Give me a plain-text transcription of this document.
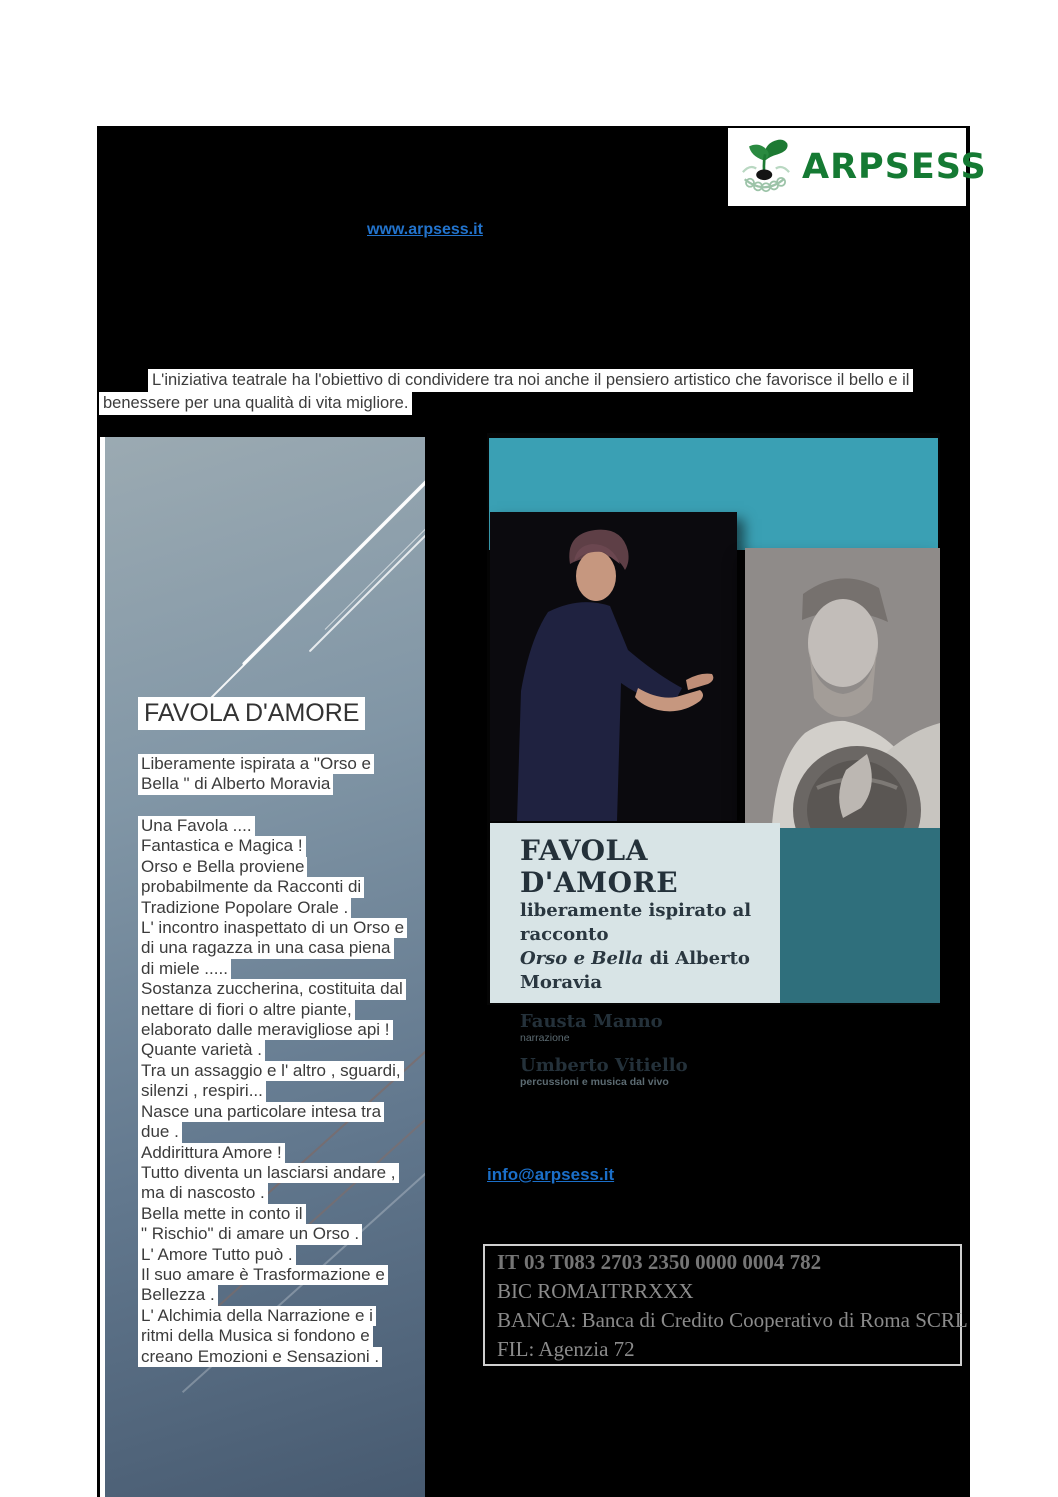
ARPSESS
www.arpsess.it
L'iniziativa teatrale ha l'obiettivo di condividere tra noi anche il pensiero artistico che favorisce il bello e il
benessere per una qualità di vita migliore.
FAVOLA D'AMORE
Liberamente ispirata a "Orso e
Bella " di Alberto Moravia
Una Favola ....
Fantastica e Magica !
Orso e Bella proviene
probabilmente da Racconti di
Tradizione Popolare Orale .
L' incontro inaspettato di un Orso e
di una ragazza in una casa piena
di miele .....
Sostanza zuccherina, costituita dal
nettare di fiori o altre piante,
elaborato dalle meravigliose api !
Quante varietà .
Tra un assaggio e l' altro , sguardi,
silenzi , respiri...
Nasce una particolare intesa tra
due .
Addirittura Amore !
Tutto diventa un lasciarsi andare ,
ma di nascosto .
Bella mette in conto il
" Rischio" di amare un Orso .
L' Amore Tutto può .
Il suo amare è Trasformazione e
Bellezza .
L' Alchimia della Narrazione e i
ritmi della Musica si fondono e
creano Emozioni e Sensazioni .
FAVOLA D'AMORE
liberamente ispirato al racconto
Orso e Bella di Alberto Moravia
Fausta Manno
narrazione
Umberto Vitiello
percussioni e musica dal vivo
info@arpsess.it
IT 03 T083 2703 2350 0000 0004 782
BIC ROMAITRRXXX
BANCA: Banca di Credito Cooperativo di Roma SCRL
FIL: Agenzia 72
